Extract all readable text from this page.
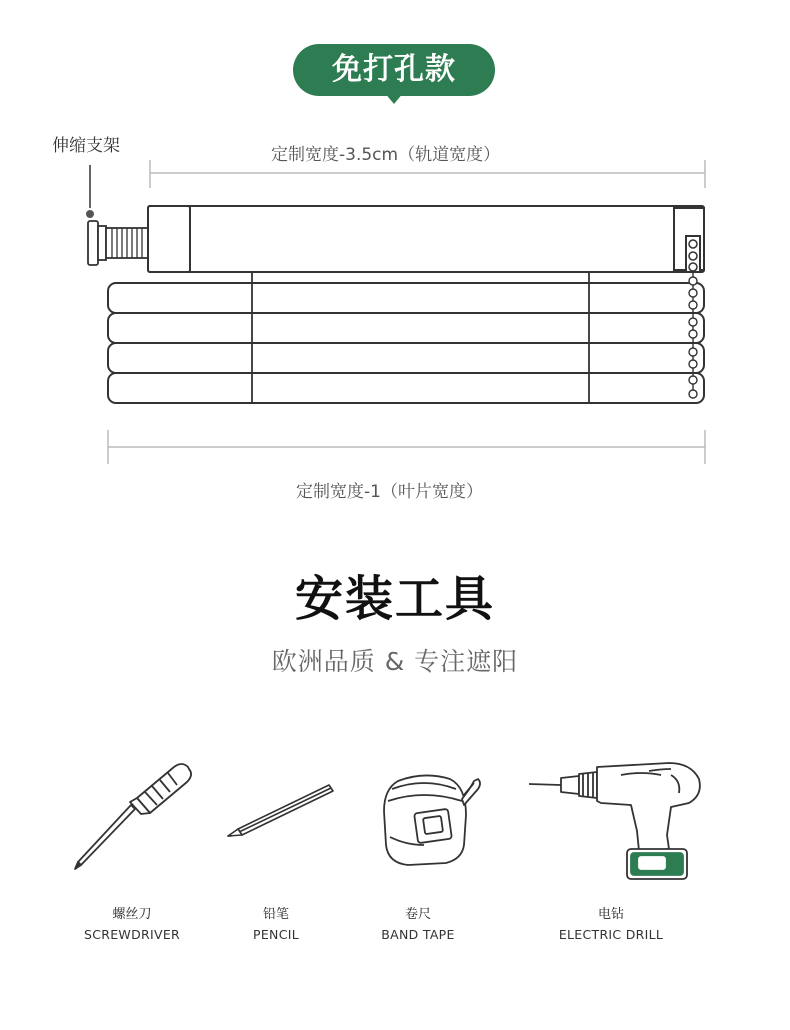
免打孔款
伸缩支架	定制宽度-3.5cm（轨道宽度）
定制宽度-1（叶片宽度）
安装工具
欧洲品质 & 专注遮阳
螺丝刀
SCREWDRIVER
铅笔
PENCIL
卷尺
BAND TAPE
电钻
ELECTRIC DRILL
